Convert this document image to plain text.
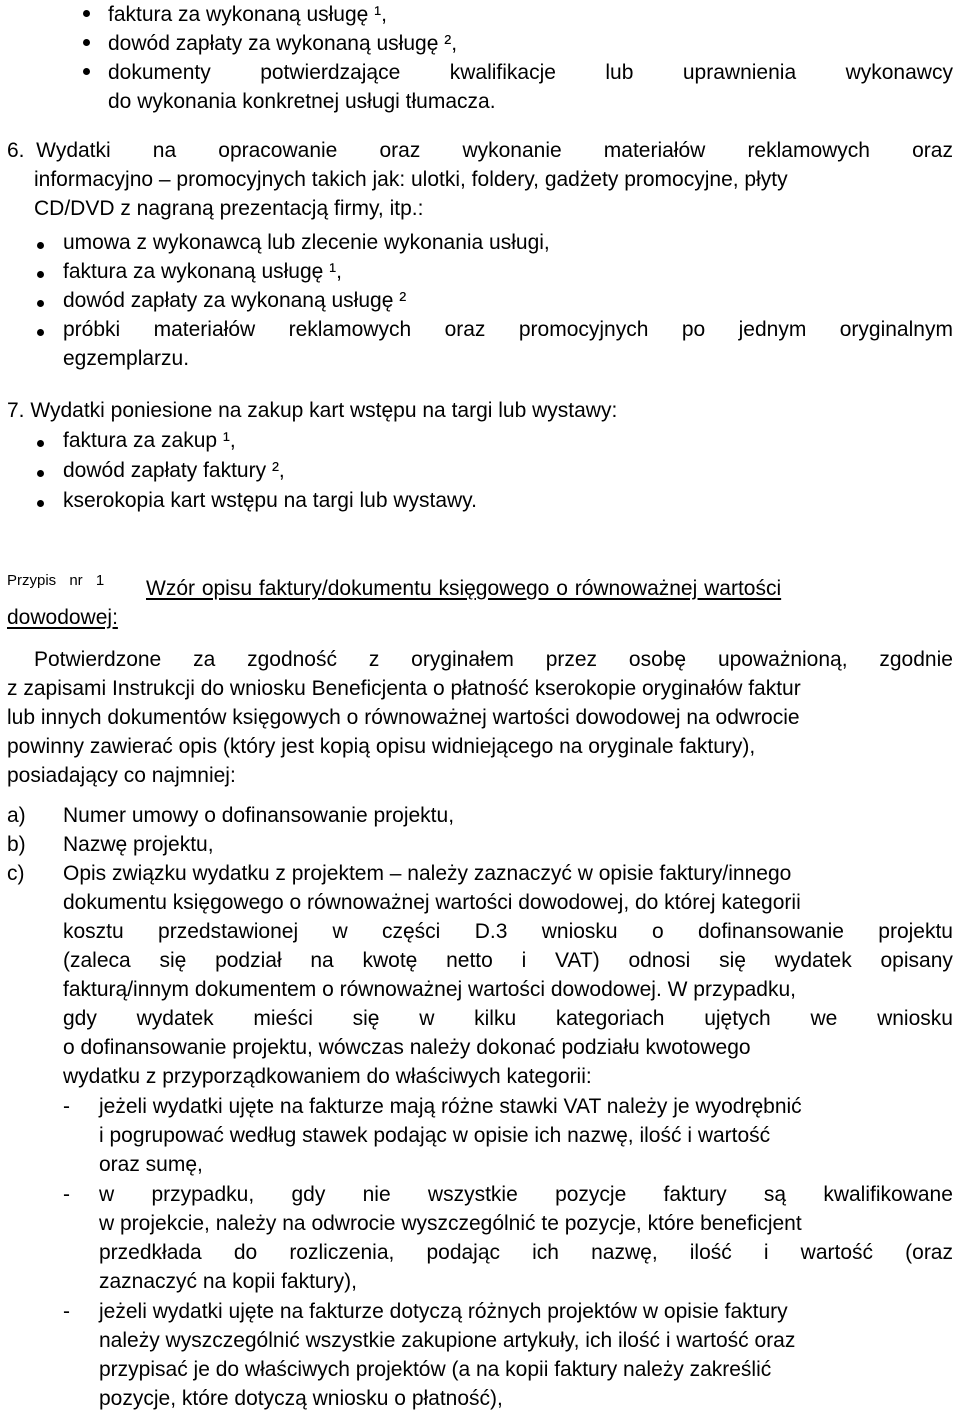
faktura za wykonaną usługę ¹,
dowód zapłaty za wykonaną usługę ²,
dokumenty potwierdzające kwalifikacje lub uprawnienia wykonawcy
do wykonania konkretnej usługi tłumacza.
6.  Wydatki na opracowanie oraz wykonanie materiałów reklamowych oraz
informacyjno – promocyjnych takich jak: ulotki, foldery, gadżety promocyjne, płyty
CD/DVD z nagraną prezentacją firmy, itp.:
umowa z wykonawcą lub zlecenie wykonania usługi,
faktura za wykonaną usługę ¹,
dowód zapłaty za wykonaną usługę ²
próbki materiałów reklamowych oraz promocyjnych po jednym oryginalnym
egzemplarzu.
7. Wydatki poniesione na zakup kart wstępu na targi lub wystawy:
faktura za zakup ¹,
dowód zapłaty faktury ²,
kserokopia kart wstępu na targi lub wystawy.
Przypis nr 1 Wzór opisu faktury/dokumentu księgowego o równoważnej wartości
dowodowej:
Potwierdzone za zgodność z oryginałem przez osobę upoważnioną, zgodnie
z zapisami Instrukcji do wniosku Beneficjenta o płatność kserokopie oryginałów faktur
lub innych dokumentów księgowych o równoważnej wartości dowodowej na odwrocie
powinny zawierać opis (który jest kopią opisu widniejącego na oryginale faktury),
posiadający co najmniej:
a) Numer umowy o dofinansowanie projektu,
b) Nazwę projektu,
c) Opis związku wydatku z projektem – należy zaznaczyć w opisie faktury/innego
dokumentu księgowego o równoważnej wartości dowodowej, do której kategorii
kosztu przedstawionej w części D.3 wniosku o dofinansowanie projektu
(zaleca się podział na kwotę netto i VAT) odnosi się wydatek opisany
fakturą/innym dokumentem o równoważnej wartości dowodowej. W przypadku,
gdy wydatek mieści się w kilku kategoriach ujętych we wniosku
o dofinansowanie projektu, wówczas należy dokonać podziału kwotowego
wydatku z przyporządkowaniem do właściwych kategorii:
- jeżeli wydatki ujęte na fakturze mają różne stawki VAT należy je wyodrębnić
i pogrupować według stawek podając w opisie ich nazwę, ilość i wartość
oraz sumę,
- w przypadku, gdy nie wszystkie pozycje faktury są kwalifikowane
w projekcie, należy na odwrocie wyszczególnić te pozycje, które beneficjent
przedkłada do rozliczenia, podając ich nazwę, ilość i wartość (oraz
zaznaczyć na kopii faktury),
- jeżeli wydatki ujęte na fakturze dotyczą różnych projektów w opisie faktury
należy wyszczególnić wszystkie zakupione artykuły, ich ilość i wartość oraz
przypisać je do właściwych projektów (a na kopii faktury należy zakreślić
pozycje, które dotyczą wniosku o płatność),
